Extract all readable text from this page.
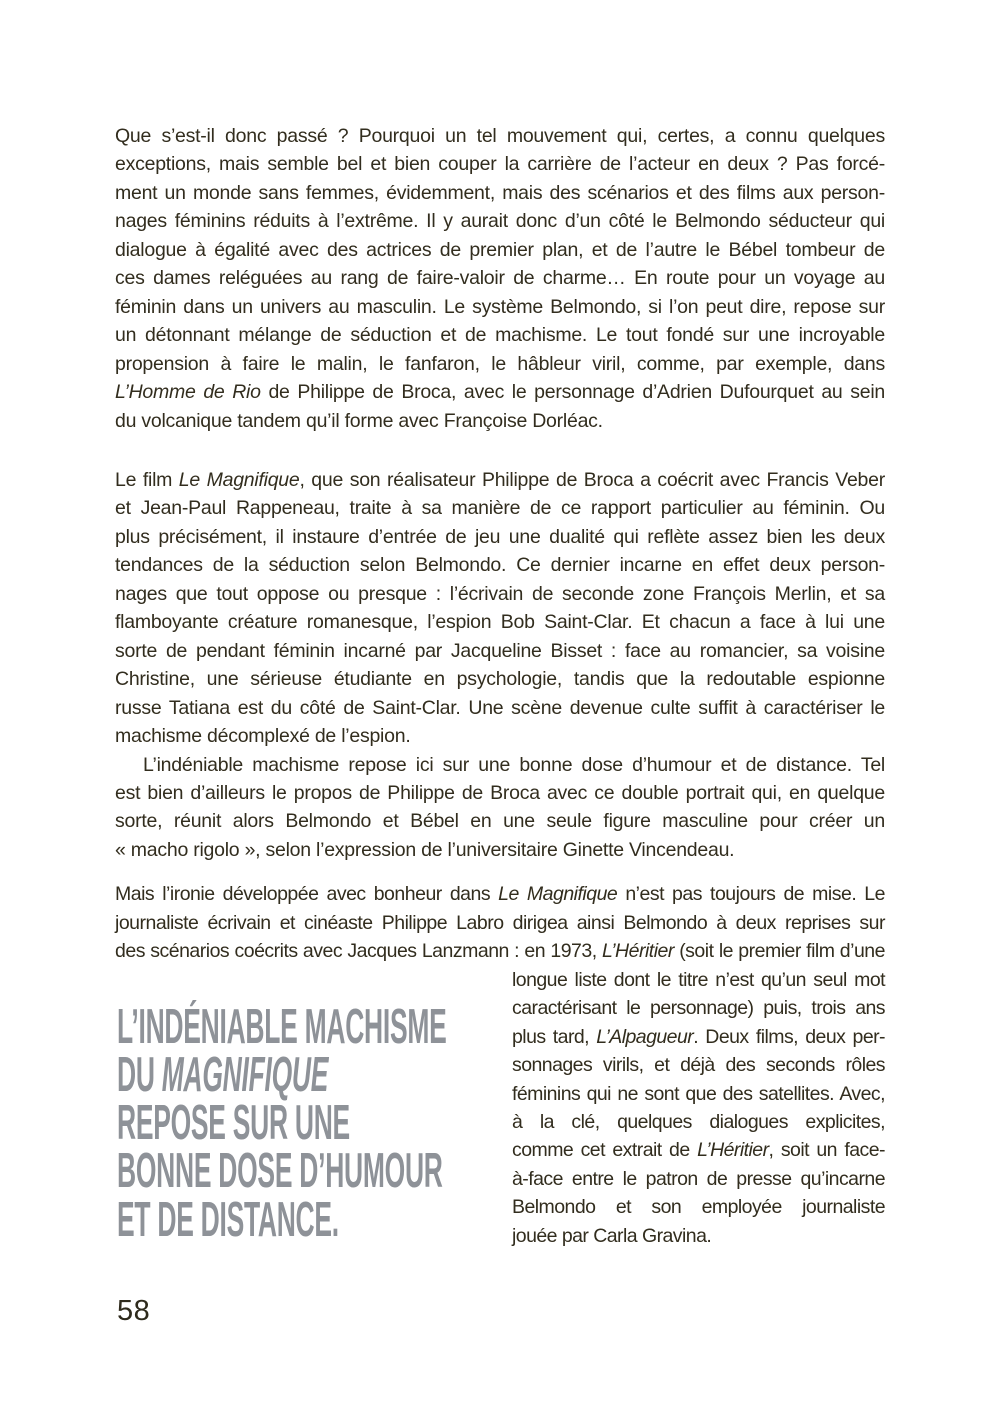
Que s’est-il donc passé ? Pourquoi un tel mouvement qui, certes, a connu quelques
exceptions, mais semble bel et bien couper la carrière de l’acteur en deux ? Pas forcé-
ment un monde sans femmes, évidemment, mais des scénarios et des films aux person-
nages féminins réduits à l’extrême. Il y aurait donc d’un côté le Belmondo séducteur qui
dialogue à égalité avec des actrices de premier plan, et de l’autre le Bébel tombeur de
ces dames reléguées au rang de faire-valoir de charme… En route pour un voyage au
féminin dans un univers au masculin. Le système Belmondo, si l’on peut dire, repose sur
un détonnant mélange de séduction et de machisme. Le tout fondé sur une incroyable
propension à faire le malin, le fanfaron, le hâbleur viril, comme, par exemple, dans
L’Homme de Rio de Philippe de Broca, avec le personnage d’Adrien Dufourquet au sein
du volcanique tandem qu’il forme avec Françoise Dorléac.
Le film Le Magnifique, que son réalisateur Philippe de Broca a coécrit avec Francis Veber
et Jean-Paul Rappeneau, traite à sa manière de ce rapport particulier au féminin. Ou
plus précisément, il instaure d’entrée de jeu une dualité qui reflète assez bien les deux
tendances de la séduction selon Belmondo. Ce dernier incarne en effet deux person-
nages que tout oppose ou presque : l’écrivain de seconde zone François Merlin, et sa
flamboyante créature romanesque, l’espion Bob Saint-Clar. Et chacun a face à lui une
sorte de pendant féminin incarné par Jacqueline Bisset : face au romancier, sa voisine
Christine, une sérieuse étudiante en psychologie, tandis que la redoutable espionne
russe Tatiana est du côté de Saint-Clar. Une scène devenue culte suffit à caractériser le
machisme décomplexé de l’espion.
L’indéniable machisme repose ici sur une bonne dose d’humour et de distance. Tel
est bien d’ailleurs le propos de Philippe de Broca avec ce double portrait qui, en quelque
sorte, réunit alors Belmondo et Bébel en une seule figure masculine pour créer un
« macho rigolo », selon l’expression de l’universitaire Ginette Vincendeau.
Mais l’ironie développée avec bonheur dans Le Magnifique n’est pas toujours de mise. Le
journaliste écrivain et cinéaste Philippe Labro dirigea ainsi Belmondo à deux reprises sur
des scénarios coécrits avec Jacques Lanzmann : en 1973, L’Héritier (soit le premier film d’une
L’INDÉNIABLE MACHISME
DU MAGNIFIQUE
REPOSE SUR UNE
BONNE DOSE D’HUMOUR
ET DE DISTANCE.
longue liste dont le titre n’est qu’un seul mot
caractérisant le personnage) puis, trois ans
plus tard, L’Alpagueur. Deux films, deux per-
sonnages virils, et déjà des seconds rôles
féminins qui ne sont que des satellites. Avec,
à la clé, quelques dialogues explicites,
comme cet extrait de L’Héritier, soit un face-
à-face entre le patron de presse qu’incarne
Belmondo et son employée journaliste
jouée par Carla Gravina.
58
